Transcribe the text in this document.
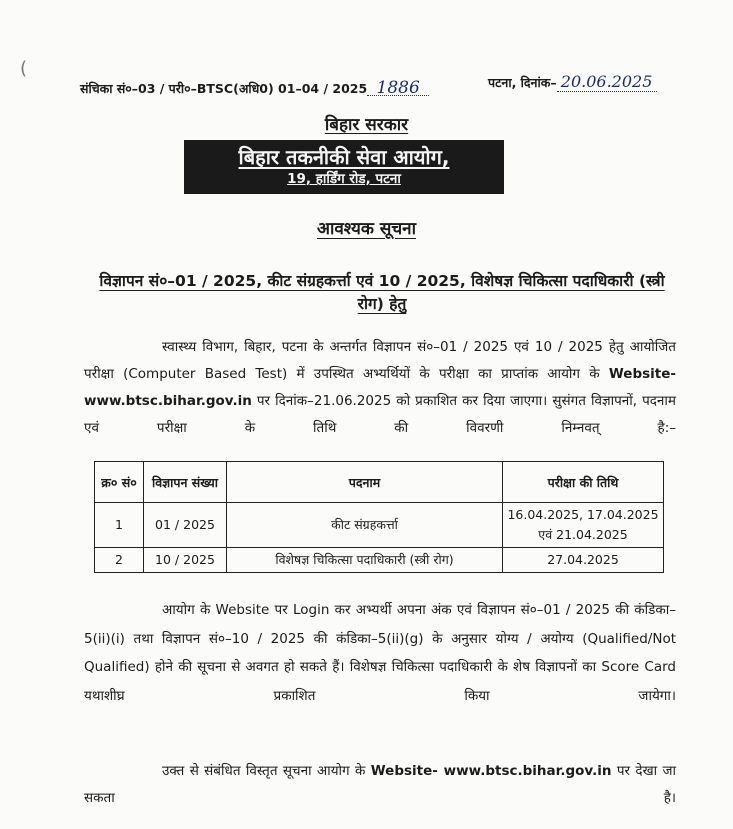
(
संचिका सं०–03 / परी०–BTSC(अधि0) 01–04 / 2025 1886	पटना, दिनांक– 20.06.2025
बिहार सरकार
बिहार तकनीकी सेवा आयोग,
19, हार्डिंग रोड, पटना
आवश्यक सूचना
विज्ञापन सं०–01 / 2025, कीट संग्रहकर्त्ता एवं 10 / 2025, विशेषज्ञ चिकित्सा पदाधिकारी (स्त्री रोग) हेतु
स्वास्थ्य विभाग, बिहार, पटना के अन्तर्गत विज्ञापन सं०–01 / 2025 एवं 10 / 2025 हेतु आयोजित परीक्षा (Computer Based Test) में उपस्थित अभ्यर्थियों के परीक्षा का प्राप्तांक आयोग के Website-www.btsc.bihar.gov.in पर दिनांक–21.06.2025 को प्रकाशित कर दिया जाएगा। सुसंगत विज्ञापनों, पदनाम एवं परीक्षा के तिथि की विवरणी निम्नवत् है:–
क्र० सं०	विज्ञापन संख्या	पदनाम	परीक्षा की तिथि
1	01 / 2025	कीट संग्रहकर्त्ता	16.04.2025, 17.04.2025
एवं 21.04.2025

2	10 / 2025	विशेषज्ञ चिकित्सा पदाधिकारी (स्त्री रोग)	27.04.2025
आयोग के Website पर Login कर अभ्यर्थी अपना अंक एवं विज्ञापन सं०–01 / 2025 की कंडिका–5(ii)(i) तथा विज्ञापन सं०–10 / 2025 की कंडिका–5(ii)(g) के अनुसार योग्य / अयोग्य (Qualified/Not Qualified) होने की सूचना से अवगत हो सकते हैं। विशेषज्ञ चिकित्सा पदाधिकारी के शेष विज्ञापनों का Score Card यथाशीघ्र प्रकाशित किया जायेगा।
उक्त से संबंधित विस्तृत सूचना आयोग के Website- www.btsc.bihar.gov.in पर देखा जा सकता है।
